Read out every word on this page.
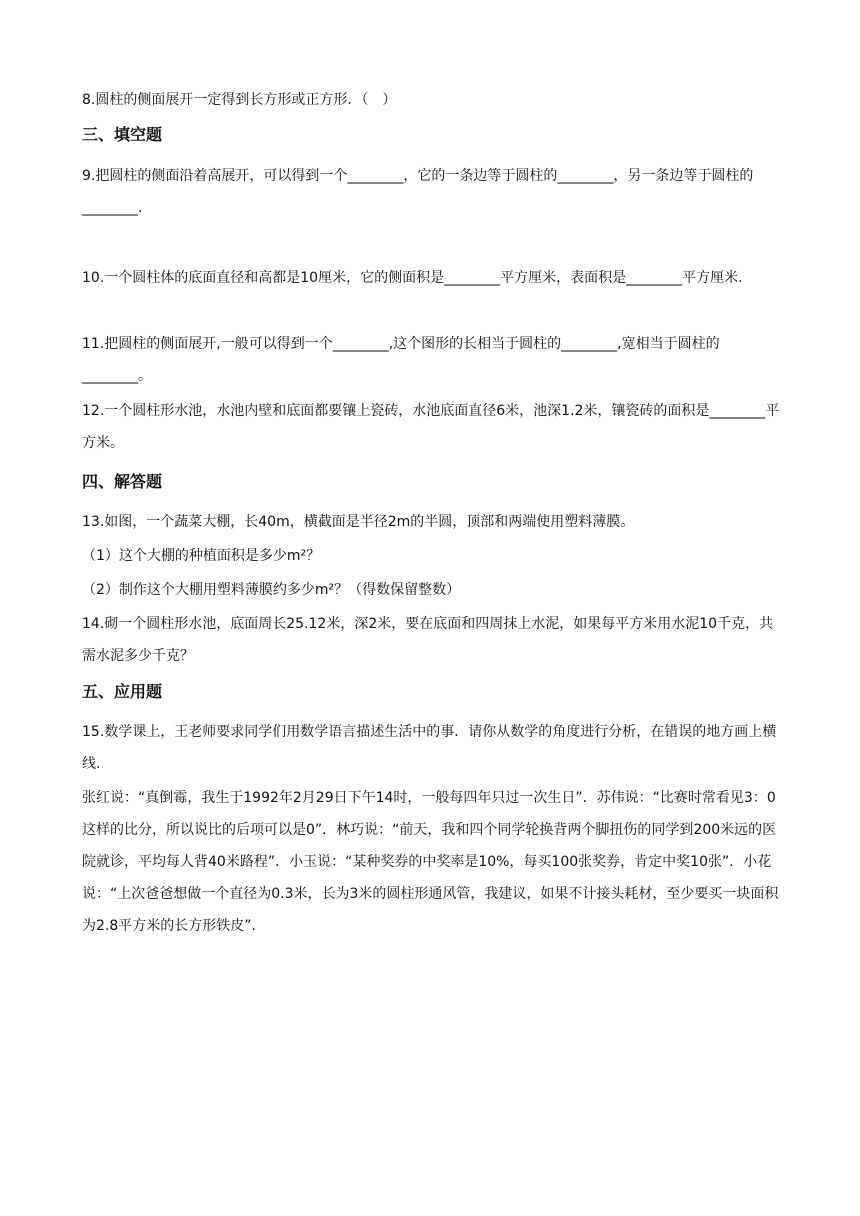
8.圆柱的侧面展开一定得到长方形或正方形．（　）

三、填空题

9.把圆柱的侧面沿着高展开，可以得到一个________，它的一条边等于圆柱的________，另一条边等于圆柱的________.

10.一个圆柱体的底面直径和高都是10厘米，它的侧面积是________平方厘米，表面积是________平方厘米.

11.把圆柱的侧面展开,一般可以得到一个________,这个图形的长相当于圆柱的________,宽相当于圆柱的________。

12.一个圆柱形水池，水池内壁和底面都要镶上瓷砖，水池底面直径6米，池深1.2米，镶瓷砖的面积是________平方米。

四、解答题

13.如图，一个蔬菜大棚，长40m，横截面是半径2m的半圆，顶部和两端使用塑料薄膜。

（1）这个大棚的种植面积是多少m²？

（2）制作这个大棚用塑料薄膜约多少m²？（得数保留整数）

14.砌一个圆柱形水池，底面周长25.12米，深2米，要在底面和四周抹上水泥，如果每平方米用水泥10千克，共需水泥多少千克？

五、应用题

15.数学课上，王老师要求同学们用数学语言描述生活中的事．请你从数学的角度进行分析，在错误的地方画上横线.

张红说：“真倒霉，我生于1992年2月29日下午14时，一般每四年只过一次生日”．苏伟说：“比赛时常看见3：0这样的比分，所以说比的后项可以是0”．林巧说：“前天，我和四个同学轮换背两个脚扭伤的同学到200米远的医院就诊，平均每人背40米路程”．小玉说：“某种奖券的中奖率是10%，每买100张奖券，肯定中奖10张”．小花说：“上次爸爸想做一个直径为0.3米，长为3米的圆柱形通风管，我建议，如果不计接头耗材，至少要买一块面积为2.8平方米的长方形铁皮”.
